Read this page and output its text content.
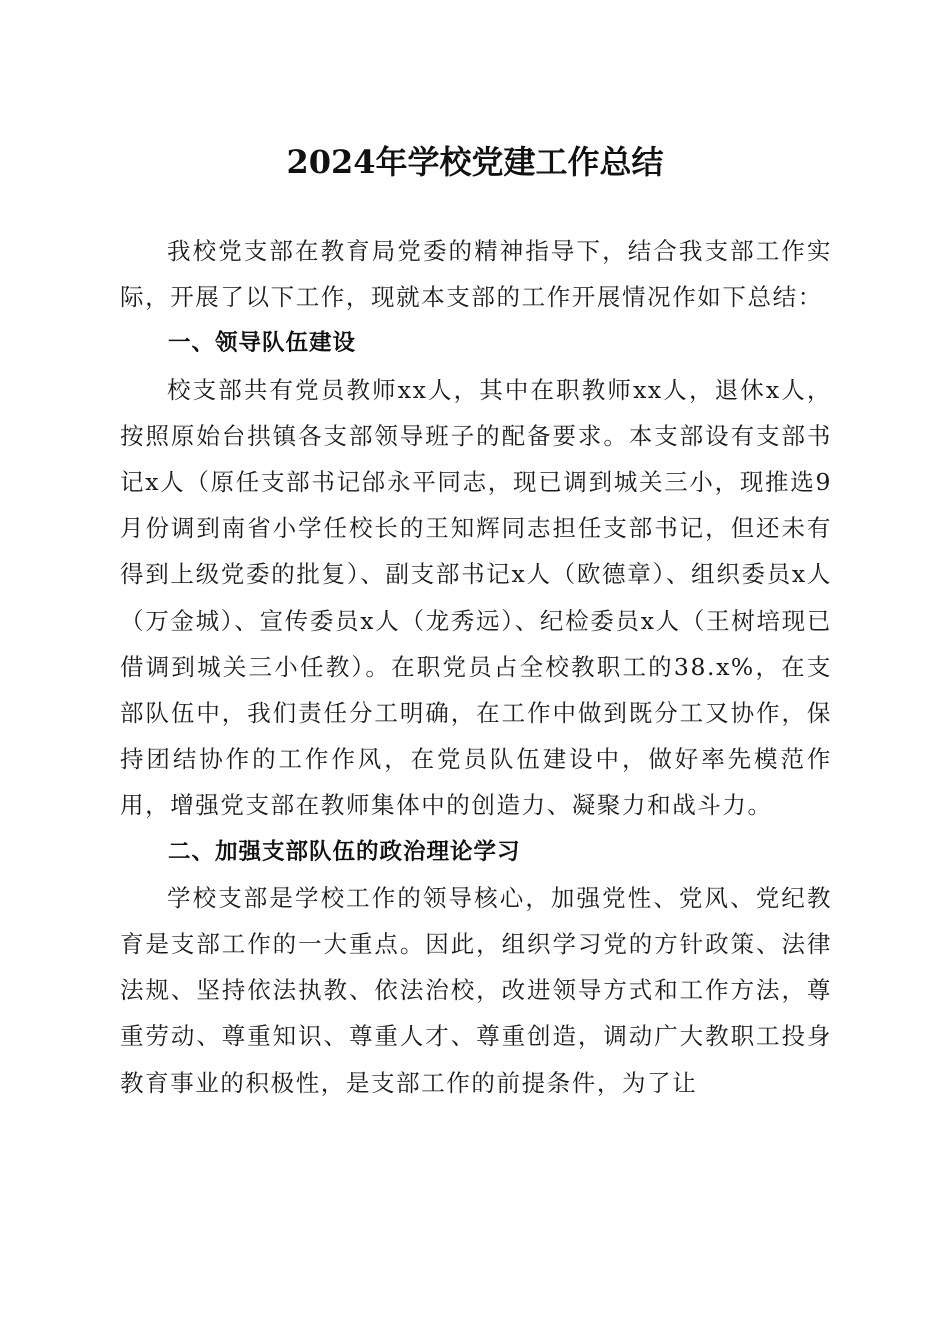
2024年学校党建工作总结

我校党支部在教育局党委的精神指导下，结合我支部工作实际，开展了以下工作，现就本支部的工作开展情况作如下总结：

一、领导队伍建设

校支部共有党员教师xx人，其中在职教师xx人，退休x人，按照原始台拱镇各支部领导班子的配备要求。本支部设有支部书记x人（原任支部书记邰永平同志，现已调到城关三小，现推选9月份调到南省小学任校长的王知辉同志担任支部书记，但还未有得到上级党委的批复）、副支部书记x人（欧德章）、组织委员x人（万金城）、宣传委员x人（龙秀远）、纪检委员x人（王树培现已借调到城关三小任教）。在职党员占全校教职工的38.x%，在支部队伍中，我们责任分工明确，在工作中做到既分工又协作，保持团结协作的工作作风，在党员队伍建设中，做好率先模范作用，增强党支部在教师集体中的创造力、凝聚力和战斗力。

二、加强支部队伍的政治理论学习

学校支部是学校工作的领导核心，加强党性、党风、党纪教育是支部工作的一大重点。因此，组织学习党的方针政策、法律法规、坚持依法执教、依法治校，改进领导方式和工作方法，尊重劳动、尊重知识、尊重人才、尊重创造，调动广大教职工投身教育事业的积极性，是支部工作的前提条件，为了让
